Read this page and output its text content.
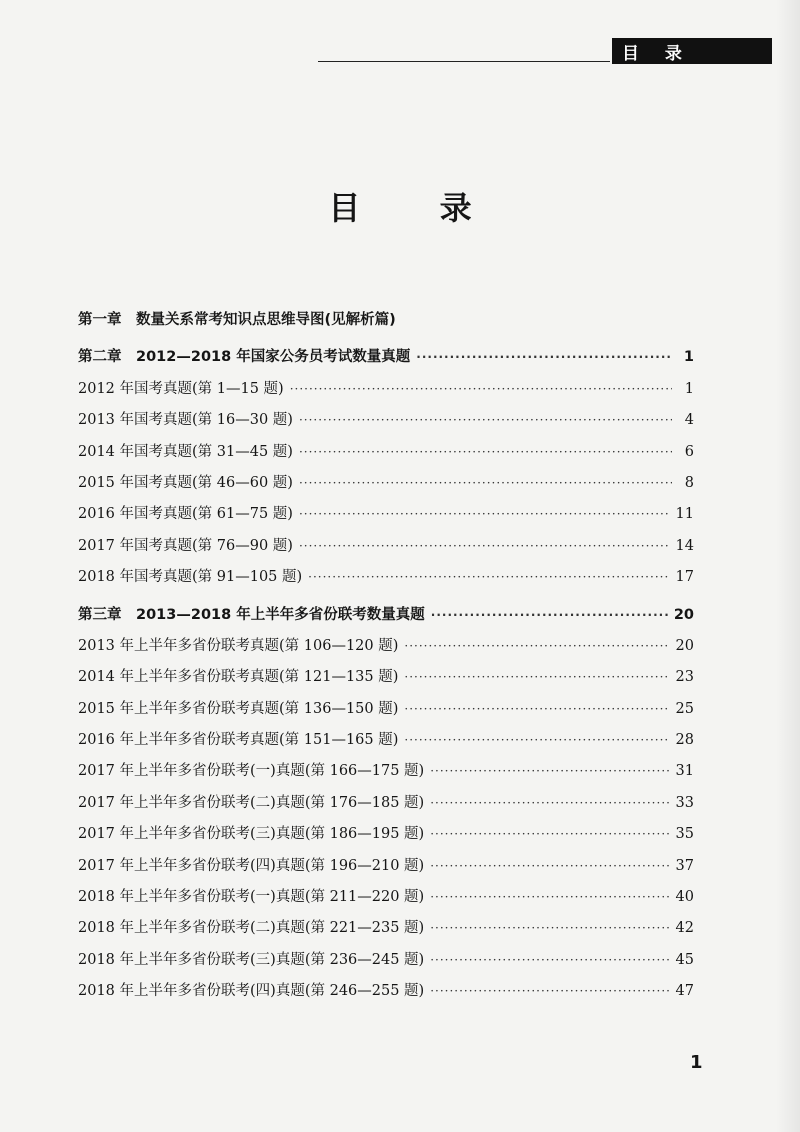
目 录
目 录
第一章　数量关系常考知识点思维导图(见解析篇)
第二章　2012—2018 年国家公务员考试数量真题 ·····	1
2012 年国考真题(第 1—15 题) ·····	1
2013 年国考真题(第 16—30 题) ·····	4
2014 年国考真题(第 31—45 题) ·····	6
2015 年国考真题(第 46—60 题) ·····	8
2016 年国考真题(第 61—75 题) ·····	11
2017 年国考真题(第 76—90 题) ·····	14
2018 年国考真题(第 91—105 题) ·····	17
第三章　2013—2018 年上半年多省份联考数量真题 ·····	20
2013 年上半年多省份联考真题(第 106—120 题) ·····	20
2014 年上半年多省份联考真题(第 121—135 题) ·····	23
2015 年上半年多省份联考真题(第 136—150 题) ·····	25
2016 年上半年多省份联考真题(第 151—165 题) ·····	28
2017 年上半年多省份联考(一)真题(第 166—175 题) ·····	31
2017 年上半年多省份联考(二)真题(第 176—185 题) ·····	33
2017 年上半年多省份联考(三)真题(第 186—195 题) ·····	35
2017 年上半年多省份联考(四)真题(第 196—210 题) ·····	37
2018 年上半年多省份联考(一)真题(第 211—220 题) ·····	40
2018 年上半年多省份联考(二)真题(第 221—235 题) ·····	42
2018 年上半年多省份联考(三)真题(第 236—245 题) ·····	45
2018 年上半年多省份联考(四)真题(第 246—255 题) ·····	47
1
